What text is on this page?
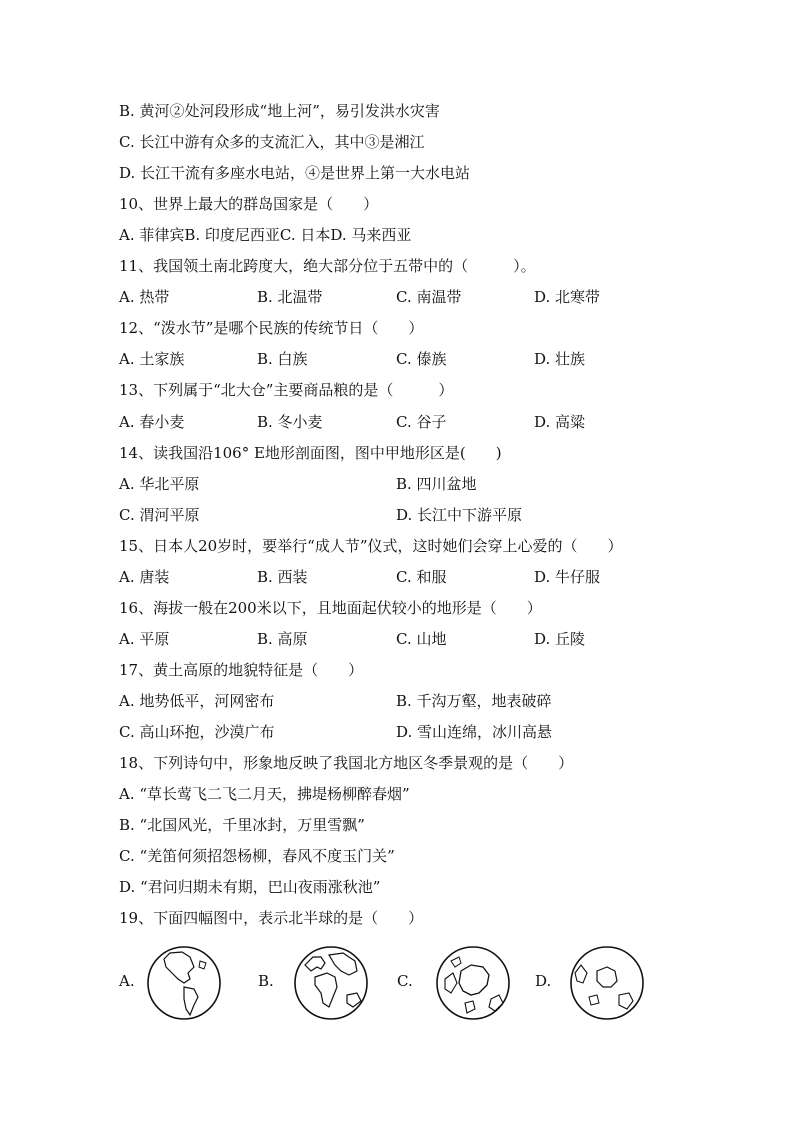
B. 黄河②处河段形成“地上河”，易引发洪水灾害
C. 长江中游有众多的支流汇入，其中③是湘江
D. 长江干流有多座水电站，④是世界上第一大水电站
10、世界上最大的群岛国家是（　　）
A. 菲律宾B. 印度尼西亚C. 日本D. 马来西亚
11、我国领土南北跨度大，绝大部分位于五带中的（　　　）。
A. 热带	B. 北温带	C. 南温带	D. 北寒带
12、“泼水节”是哪个民族的传统节日（　　）
A. 土家族	B. 白族	C. 傣族	D. 壮族
13、下列属于“北大仓”主要商品粮的是（　　　）
A. 春小麦	B. 冬小麦	C. 谷子	D. 高粱
14、读我国沿106° E地形剖面图，图中甲地形区是(　　)
A. 华北平原	B. 四川盆地
C. 渭河平原	D. 长江中下游平原
15、日本人20岁时，要举行“成人节”仪式，这时她们会穿上心爱的（　　）
A. 唐装	B. 西装	C. 和服	D. 牛仔服
16、海拔一般在200米以下，且地面起伏较小的地形是（　　）
A. 平原	B. 高原	C. 山地	D. 丘陵
17、黄土高原的地貌特征是（　　）
A. 地势低平，河网密布	B. 千沟万壑，地表破碎
C. 高山环抱，沙漠广布	D. 雪山连绵，冰川高悬
18、下列诗句中，形象地反映了我国北方地区冬季景观的是（　　）
A. “草长莺飞二飞二月天，拂堤杨柳醉春烟”
B. “北国风光，千里冰封，万里雪飘”
C. “羌笛何须招怨杨柳，春风不度玉门关”
D. “君问归期未有期，巴山夜雨涨秋池”
19、下面四幅图中，表示北半球的是（　　）
A.	B.	C.	D.
